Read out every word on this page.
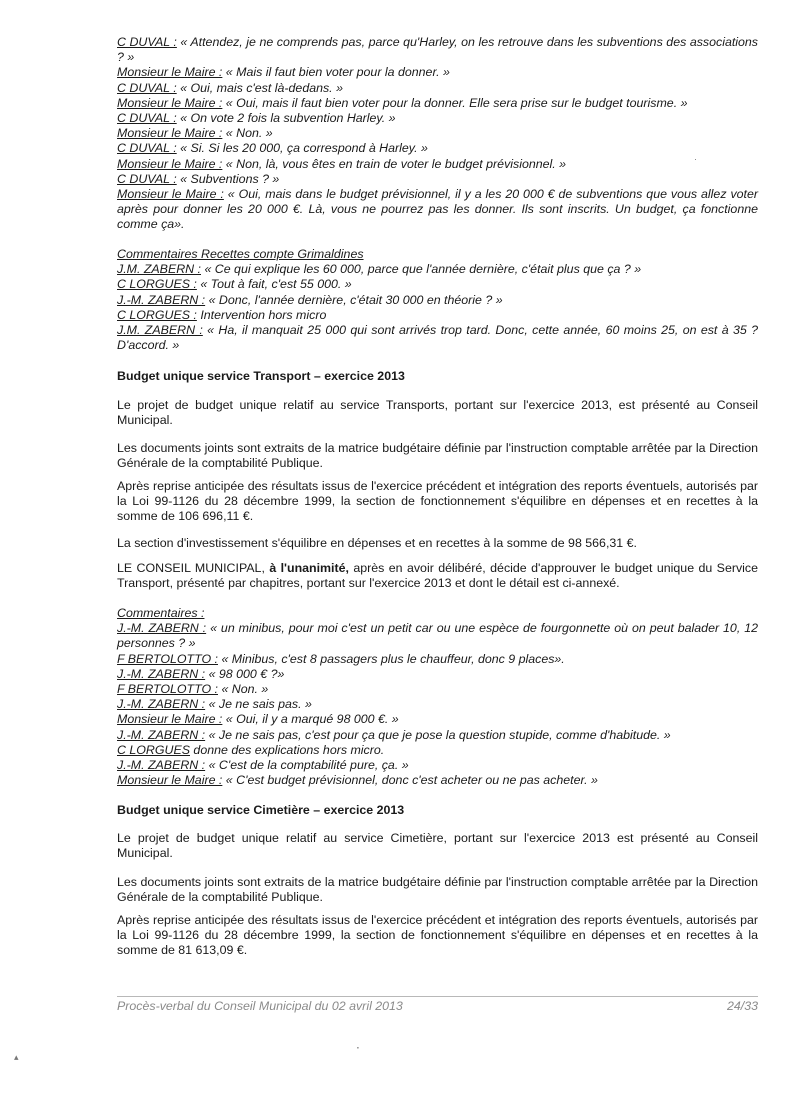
C DUVAL : « Attendez, je ne comprends pas, parce qu'Harley, on les retrouve dans les subventions des associations ? »

Monsieur le Maire : « Mais il faut bien voter pour la donner. »

C DUVAL : « Oui, mais c'est là-dedans. »

Monsieur le Maire : « Oui, mais il faut bien voter pour la donner. Elle sera prise sur le budget tourisme. »

C DUVAL : « On vote 2 fois la subvention Harley. »

Monsieur le Maire : « Non. »

C DUVAL : « Si. Si les 20 000, ça correspond à Harley. »

Monsieur le Maire : « Non, là, vous êtes en train de voter le budget prévisionnel. »

C DUVAL : « Subventions ? »

Monsieur le Maire : « Oui, mais dans le budget prévisionnel, il y a les 20 000 € de subventions que vous allez voter après pour donner les 20 000 €. Là, vous ne pourrez pas les donner. Ils sont inscrits. Un budget, ça fonctionne comme ça».

Commentaires Recettes compte Grimaldines

J.M. ZABERN : « Ce qui explique les 60 000, parce que l'année dernière, c'était plus que ça ? »

C LORGUES : « Tout à fait, c'est 55 000. »

J.-M. ZABERN : « Donc, l'année dernière, c'était 30 000 en théorie ? »

C LORGUES : Intervention hors micro

J.M. ZABERN : « Ha, il manquait 25 000 qui sont arrivés trop tard. Donc, cette année, 60 moins 25, on est à 35 ? D'accord. »

Budget unique service Transport – exercice 2013

Le projet de budget unique relatif au service Transports, portant sur l'exercice 2013, est présenté au Conseil Municipal.

Les documents joints sont extraits de la matrice budgétaire définie par l'instruction comptable arrêtée par la Direction Générale de la comptabilité Publique.

Après reprise anticipée des résultats issus de l'exercice précédent et intégration des reports éventuels, autorisés par la Loi 99-1126 du 28 décembre 1999, la section de fonctionnement s'équilibre en dépenses et en recettes à la somme de 106 696,11 €.

La section d'investissement s'équilibre en dépenses et en recettes à la somme de 98 566,31 €.

LE CONSEIL MUNICIPAL, à l'unanimité, après en avoir délibéré, décide d'approuver le budget unique du Service Transport, présenté par chapitres, portant sur l'exercice 2013 et dont le détail est ci-annexé.

Commentaires :

J.-M. ZABERN : « un minibus, pour moi c'est un petit car ou une espèce de fourgonnette où on peut balader 10, 12 personnes ? »

F BERTOLOTTO : « Minibus, c'est 8 passagers plus le chauffeur, donc 9 places».

J.-M. ZABERN : « 98 000 € ?»

F BERTOLOTTO : « Non. »

J.-M. ZABERN : « Je ne sais pas. »

Monsieur le Maire : « Oui, il y a marqué 98 000 €. »

J.-M. ZABERN : « Je ne sais pas, c'est pour ça que je pose la question stupide, comme d'habitude. »

C LORGUES donne des explications hors micro.

J.-M. ZABERN : « C'est de la comptabilité pure, ça. »

Monsieur le Maire : « C'est budget prévisionnel, donc c'est acheter ou ne pas acheter. »

Budget unique service Cimetière – exercice 2013

Le projet de budget unique relatif au service Cimetière, portant sur l'exercice 2013 est présenté au Conseil Municipal.

Les documents joints sont extraits de la matrice budgétaire définie par l'instruction comptable arrêtée par la Direction Générale de la comptabilité Publique.

Après reprise anticipée des résultats issus de l'exercice précédent et intégration des reports éventuels, autorisés par la Loi 99-1126 du 28 décembre 1999, la section de fonctionnement s'équilibre en dépenses et en recettes à la somme de 81 613,09 €.

Procès-verbal du Conseil Municipal du 02 avril 2013	24/33
·
⋅
▴
